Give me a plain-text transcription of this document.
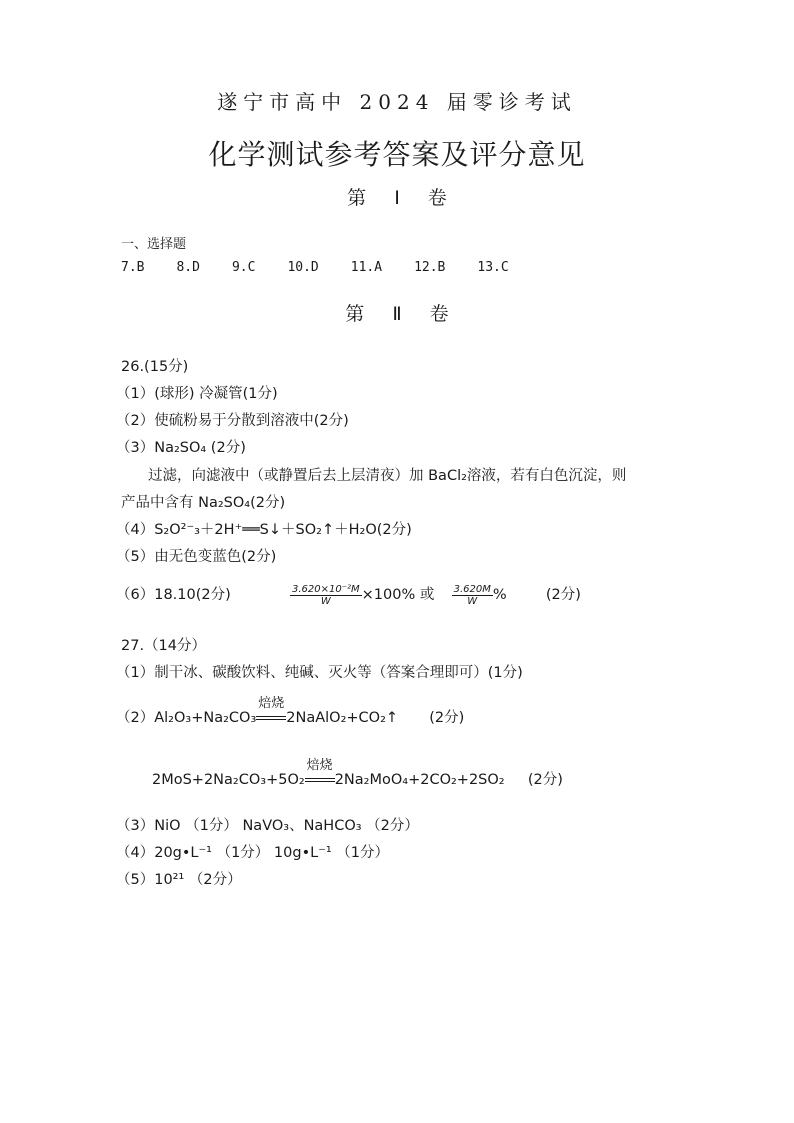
遂宁市高中 2024 届零诊考试
化学测试参考答案及评分意见
第 Ⅰ 卷
一、选择题
7.B 8.D 9.C 10.D 11.A 12.B 13.C
第 Ⅱ 卷
26.(15分)
（1）(球形) 冷凝管(1分)
（2）使硫粉易于分散到溶液中(2分)
（3）Na₂SO₄ (2分)
过滤，向滤液中（或静置后去上层清夜）加 BaCl₂溶液，若有白色沉淀，则
产品中含有 Na₂SO₄(2分)
（4）S₂O²⁻₃＋2H⁺══S↓＋SO₂↑＋H₂O(2分)
（5）由无色变蓝色(2分)
（6）18.10(2分)	$\frac{\text{3.620×10⁻²M}}{W} \times 100\%$ 或 $\frac{3.620M}{W}$ %	(2分)
27.（14分）
（1）制干冰、碳酸饮料、纯碱、灭火等（答案合理即可）(1分)
（2）Al₂O₃+Na₂CO₃
焙烧
2NaAlO₂+CO₂↑ (2分)
2MoS+2Na₂CO₃+5O₂
焙烧
2Na₂MoO₄+2CO₂+2SO₂ (2分)
（3）NiO （1分） NaVO₃、NaHCO₃ （2分）
（4）20g•L⁻¹ （1分） 10g•L⁻¹ （1分）
（5）10²¹ （2分）
